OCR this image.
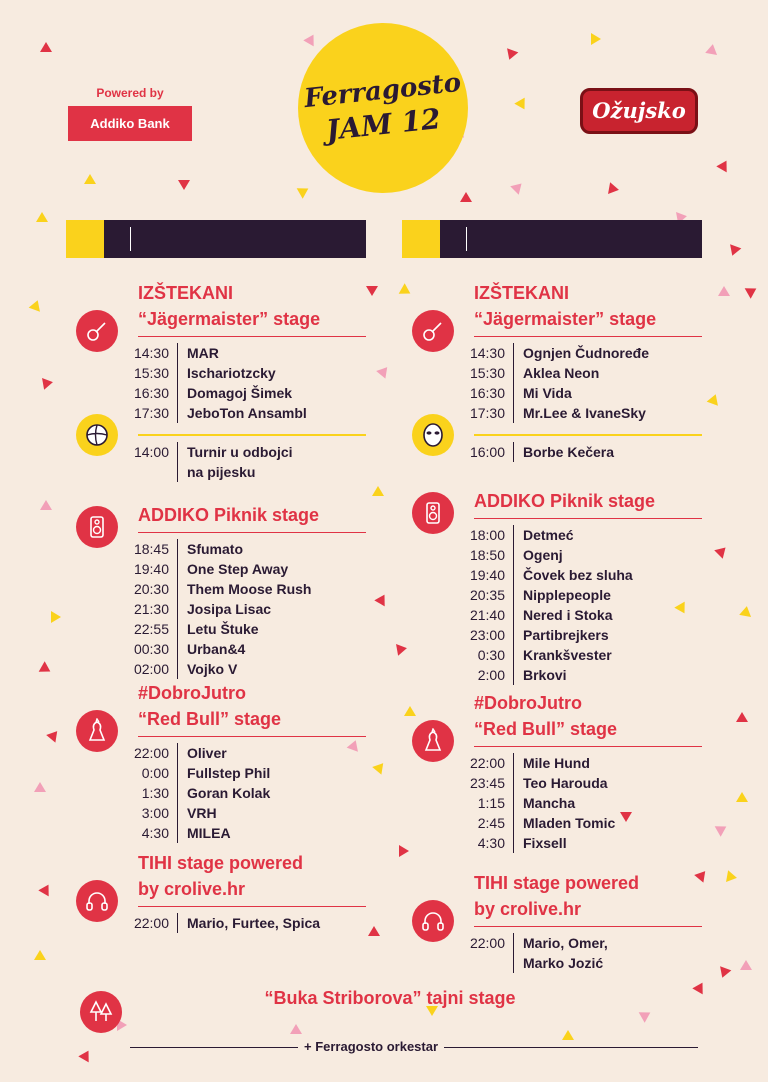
Powered by
Addiko Bank
Ferragosto
JAM 12	Ožujsko
IZŠTEKANI
“Jägermaister” stage
14:30	MAR
15:30	Ischariotzcky
16:30	Domagoj Šimek
17:30	JeboTon Ansambl
14:00	Turnir u odbojci
na pijesku
ADDIKO Piknik stage
18:45	Sfumato
19:40	One Step Away
20:30	Them Moose Rush
21:30	Josipa Lisac
22:55	Letu Štuke
00:30	Urban&4
02:00	Vojko V
#DobroJutro
“Red Bull” stage
22:00	Oliver
0:00	Fullstep Phil
1:30	Goran Kolak
3:00	VRH
4:30	MILEA
TIHI stage powered
by crolive.hr
22:00	Mario, Furtee, Spica
IZŠTEKANI
“Jägermaister” stage
14:30	Ognjen Čudnoređe
15:30	Aklea Neon
16:30	Mi Vida
17:30	Mr.Lee & IvaneSky
16:00	Borbe Kečera
ADDIKO Piknik stage
18:00	Detmeć
18:50	Ogenj
19:40	Čovek bez sluha
20:35	Nipplepeople
21:40	Nered i Stoka
23:00	Partibrejkers
0:30	Krankšvester
2:00	Brkovi
#DobroJutro
“Red Bull” stage
22:00	Mile Hund
23:45	Teo Harouda
1:15	Mancha
2:45	Mladen Tomic
4:30	Fixsell
TIHI stage powered
by crolive.hr
22:00	Mario, Omer,
Marko Jozić
“Buka Striborova” tajni stage
+ Ferragosto orkestar
